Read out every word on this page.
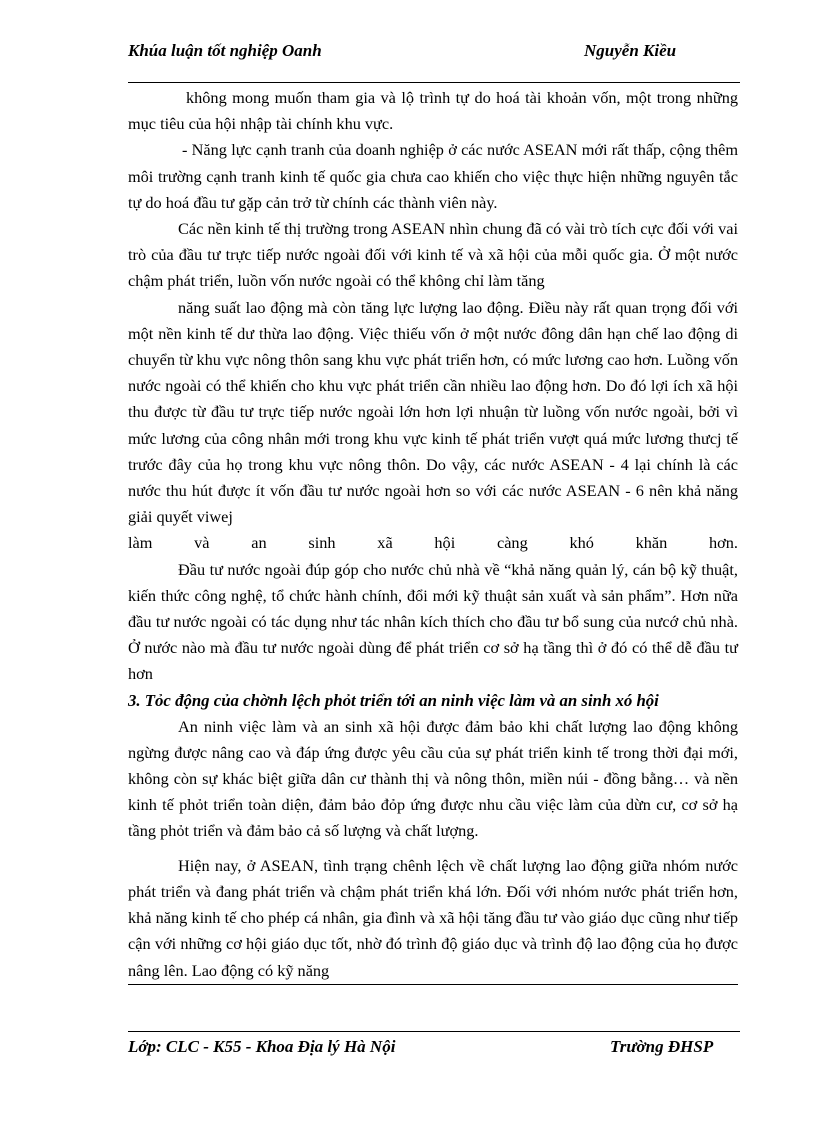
Khúa luận tốt nghiệp Oanh	Nguyễn Kiều

không mong muốn tham gia và lộ trình tự do hoá tài khoản vốn, một trong những mục tiêu của hội nhập tài chính khu vực.

- Năng lực cạnh tranh của doanh nghiệp ở các nước ASEAN mới rất thấp, cộng thêm môi trường cạnh tranh kinh tế quốc gia chưa cao khiến cho việc thực hiện những nguyên tắc tự do hoá đầu tư gặp cản trở từ chính các thành viên này.

Các nền kinh tế thị trường trong ASEAN nhìn chung đã có vài trò tích cực đối với vai trò của đầu tư trực tiếp nước ngoài đối với kinh tế và xã hội của mỗi quốc gia. Ở một nước chậm phát triển, luồn vốn nước ngoài có thể không chỉ làm tăng

năng suất lao động mà còn tăng lực lượng lao động. Điều này rất quan trọng đối với một nền kinh tế dư thừa lao động. Việc thiếu vốn ở một nước đông dân hạn chế lao động di chuyển từ khu vực nông thôn sang khu vực phát triển hơn, có mức lương cao hơn. Luồng vốn nước ngoài có thể khiến cho khu vực phát triển cần nhiều lao động hơn. Do đó lợi ích xã hội thu được từ đầu tư trực tiếp nước ngoài lớn hơn lợi nhuận từ luồng vốn nước ngoài, bởi vì mức lương của công nhân mới trong khu vực kinh tế phát triển vượt quá mức lương thưcj tế trước đây của họ trong khu vực nông thôn. Do vậy, các nước ASEAN - 4 lại chính là các nước thu hút được ít vốn đầu tư nước ngoài hơn so với các nước ASEAN - 6 nên khả năng giải quyết viwej

làm và an sinh xã hội càng khó khăn hơn.

Đầu tư nước ngoài đúp góp cho nước chủ nhà về “khả năng quản lý, cán bộ kỹ thuật, kiến thức công nghệ, tổ chức hành chính, đổi mới kỹ thuật sản xuất và sản phẩm”. Hơn nữa đầu tư nước ngoài có tác dụng như tác nhân kích thích cho đầu tư bổ sung của nưcớ chủ nhà. Ở nước nào mà đầu tư nước ngoài dùng để phát triển cơ sở hạ tầng thì ở đó có thể dễ đầu tư hơn

3. Tỏc động của chờnh lệch phỏt triển tới an ninh việc làm và an sinh xó hội

An ninh việc làm và an sinh xã hội được đảm bảo khi chất lượng lao động không ngừng được nâng cao và đáp ứng được yêu cầu của sự phát triển kinh tế trong thời đại mới, không còn sự khác biệt giữa dân cư thành thị và nông thôn, miền núi - đồng bằng… và nền kinh tế phỏt triển toàn diện, đảm bảo đỏp ứng được nhu cầu việc làm của dừn cư, cơ sở hạ tầng phỏt triển và đảm bảo cả số lượng và chất lượng.

Hiện nay, ở ASEAN, tình trạng chênh lệch về chất lượng lao động giữa nhóm nước phát triển và đang phát triển và chậm phát triển khá lớn. Đối với nhóm nước phát triển hơn, khả năng kinh tế cho phép cá nhân, gia đình và xã hội tăng đầu tư vào giáo dục cũng như tiếp cận với những cơ hội giáo dục tốt, nhờ đó trình độ giáo dục và trình độ lao động của họ được nâng lên. Lao động có kỹ năng

Lớp: CLC - K55 - Khoa Địa lý Hà Nội	Trường ĐHSP
